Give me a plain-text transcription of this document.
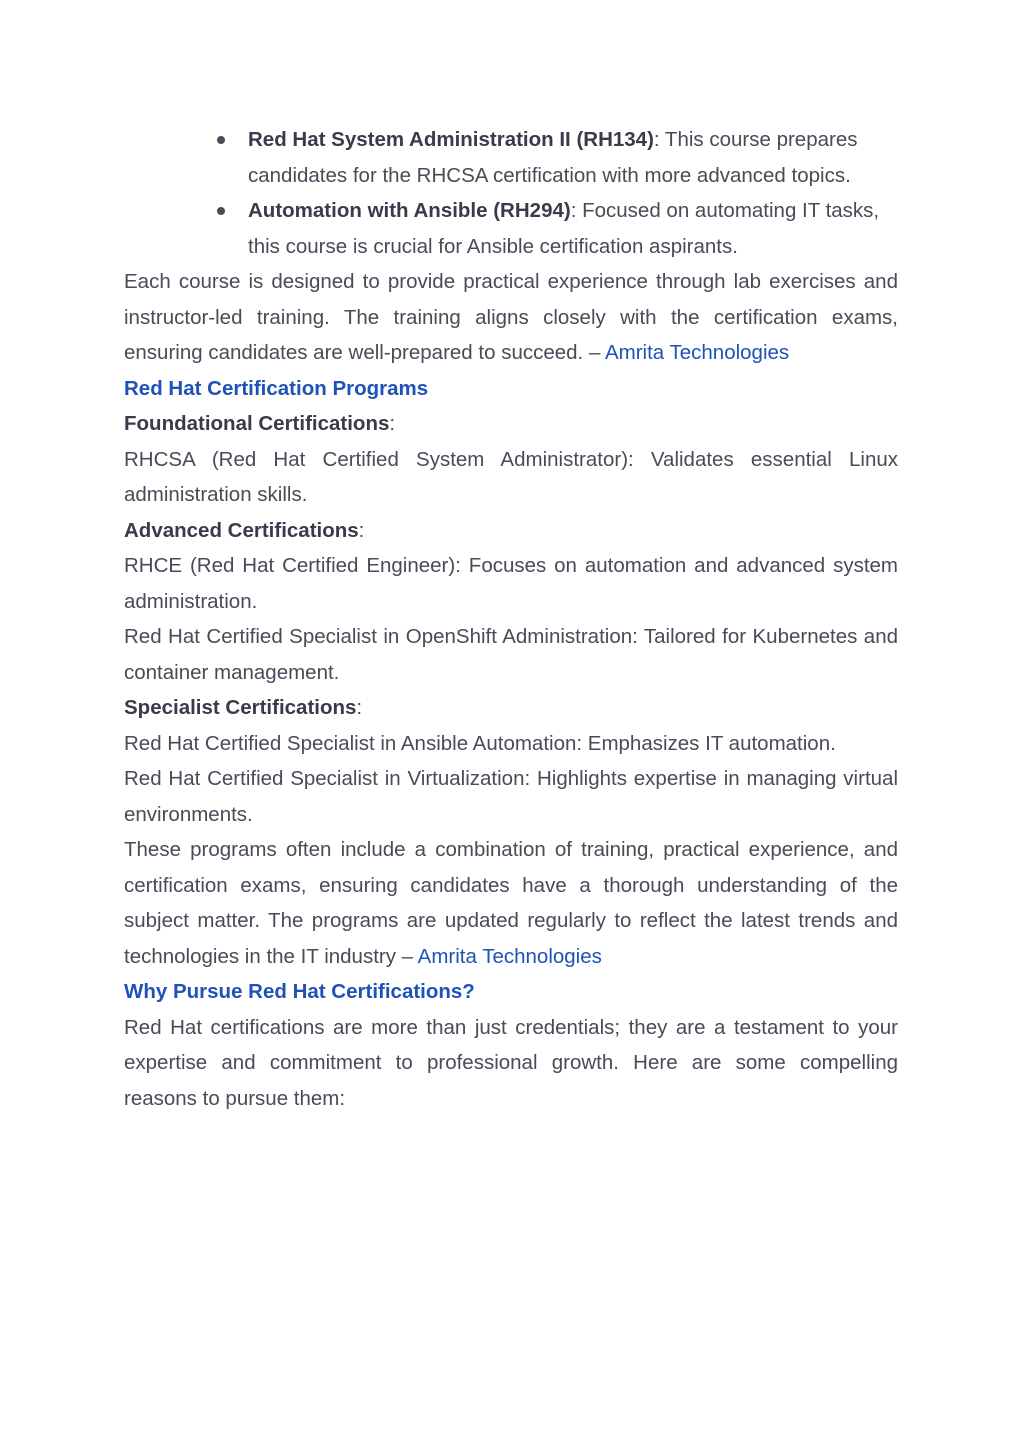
Red Hat System Administration II (RH134): This course prepares candidates for the RHCSA certification with more advanced topics.
Automation with Ansible (RH294): Focused on automating IT tasks, this course is crucial for Ansible certification aspirants.

Each course is designed to provide practical experience through lab exercises and instructor-led training. The training aligns closely with the certification exams, ensuring candidates are well-prepared to succeed. – Amrita Technologies

Red Hat Certification Programs

Foundational Certifications:

RHCSA (Red Hat Certified System Administrator): Validates essential Linux administration skills.

Advanced Certifications:

RHCE (Red Hat Certified Engineer): Focuses on automation and advanced system administration.

Red Hat Certified Specialist in OpenShift Administration: Tailored for Kubernetes and container management.

Specialist Certifications:

Red Hat Certified Specialist in Ansible Automation: Emphasizes IT automation.

Red Hat Certified Specialist in Virtualization: Highlights expertise in managing virtual environments.

These programs often include a combination of training, practical experience, and certification exams, ensuring candidates have a thorough understanding of the subject matter. The programs are updated regularly to reflect the latest trends and technologies in the IT industry – Amrita Technologies

Why Pursue Red Hat Certifications?

Red Hat certifications are more than just credentials; they are a testament to your expertise and commitment to professional growth. Here are some compelling reasons to pursue them:
